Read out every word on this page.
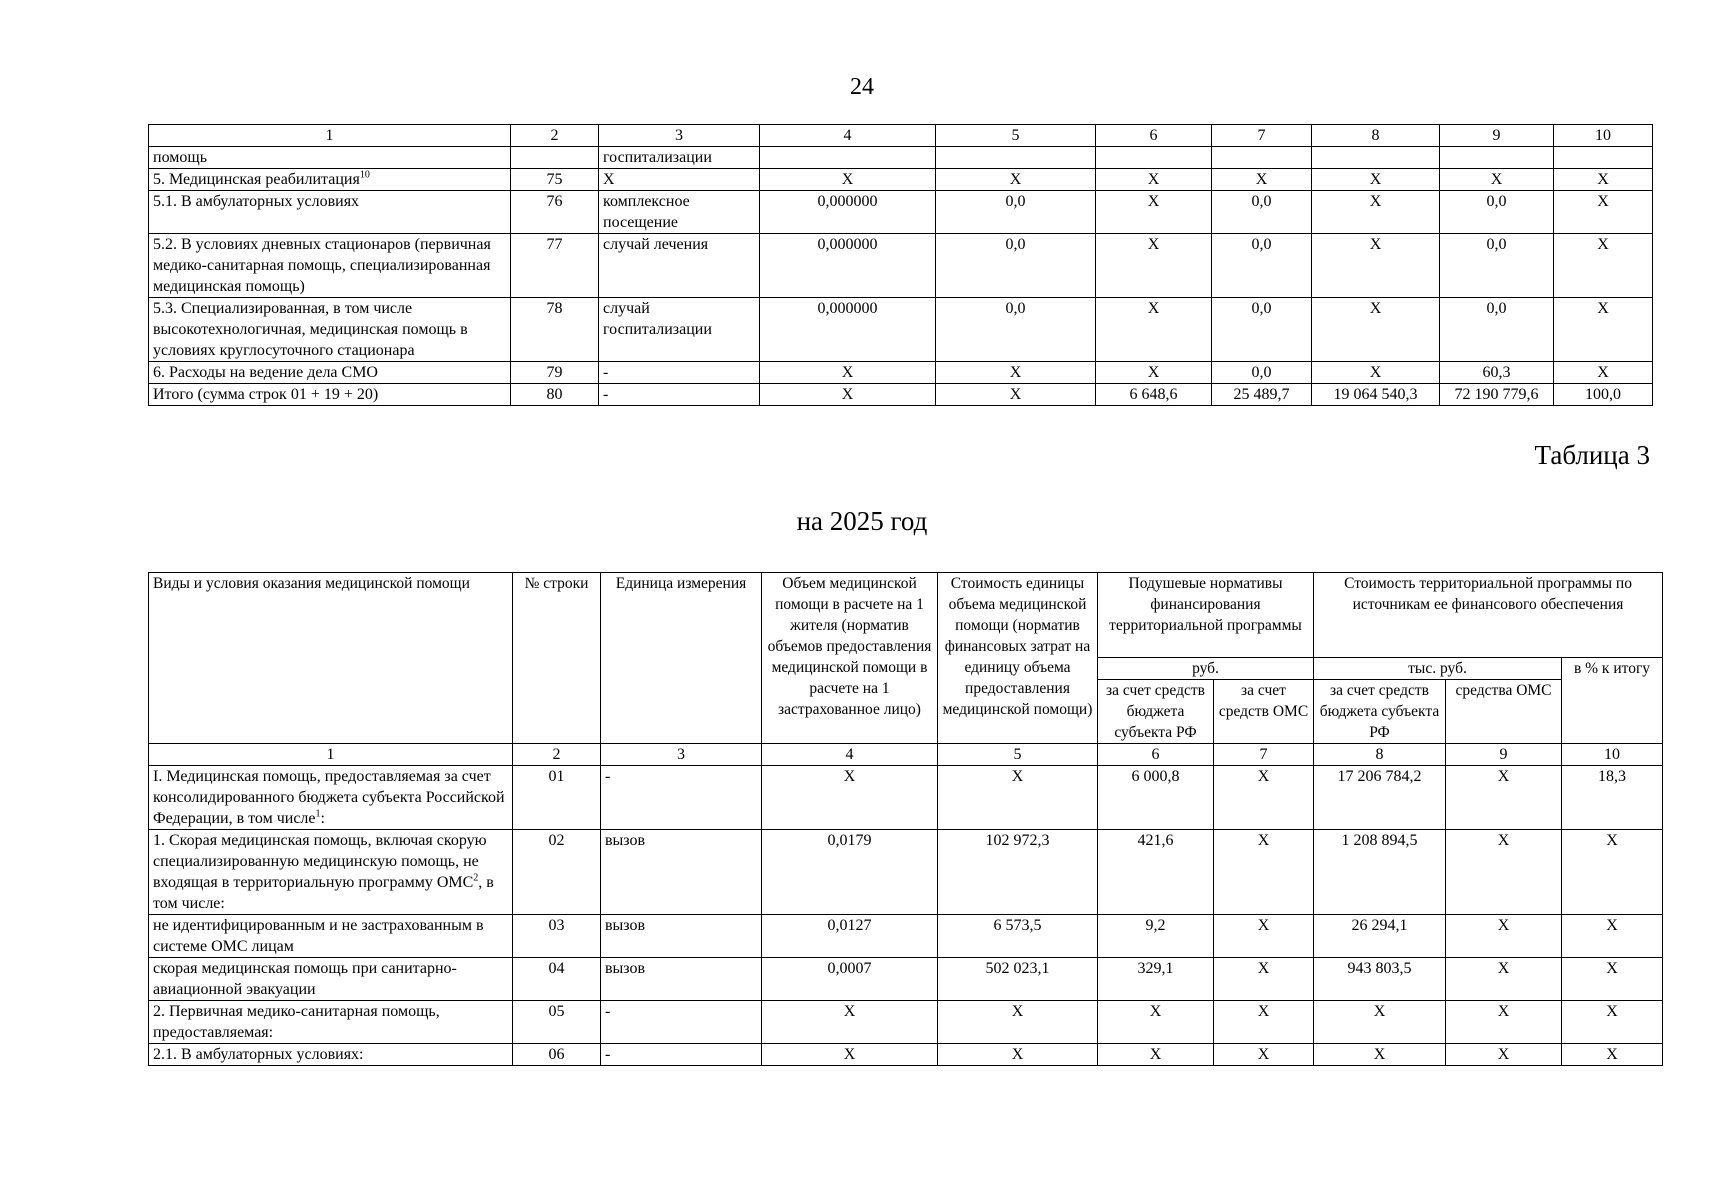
24
1	2	3	4	5	6	7	8	9	10
помощь		госпитализации							
5. Медицинская реабилитация$^{10}$	75	X	X	X	X	X	X	X	X
5.1. В амбулаторных условиях	76	комплексное посещение	0,000000	0,0	X	0,0	X	0,0	X
5.2. В условиях дневных стационаров (первичная медико-санитарная помощь, специализированная медицинская помощь)	77	случай лечения	0,000000	0,0	X	0,0	X	0,0	X
5.3. Специализированная, в том числе высокотехнологичная, медицинская помощь в условиях круглосуточного стационара	78	случай госпитализации	0,000000	0,0	X	0,0	X	0,0	X
6. Расходы на ведение дела СМО	79	-	X	X	X	0,0	X	60,3	X
Итого (сумма строк 01 + 19 + 20)	80	-	X	X	6 648,6	25 489,7	19 064 540,3	72 190 779,6	100,0
Таблица 3
на 2025 год
Виды и условия оказания медицинской помощи	№ строки	Единица измерения	Объем медицинской помощи в расчете на 1 жителя (норматив объемов предоставления медицинской помощи в расчете на 1 застрахованное лицо)	Стоимость единицы объема медицинской помощи (норматив финансовых затрат на единицу объема предоставления медицинской помощи)	Подушевые нормативы финансирования территориальной программы		Стоимость территориальной программы по источникам ее финансового обеспечения		
					руб.		тыс. руб.		в % к итогу
					за счет средств бюджета субъекта РФ	за счет средств ОМС	за счет средств бюджета субъекта РФ	средства ОМС	
1	2	3	4	5	6	7	8	9	10
I. Медицинская помощь, предоставляемая за счет консолидированного бюджета субъекта Российской Федерации, в том числе$^1$:	01	-	X	X	6 000,8	X	17 206 784,2	X	18,3
1. Скорая медицинская помощь, включая скорую специализированную медицинскую помощь, не входящая в территориальную программу ОМС$^2$, в том числе:	02	вызов	0,0179	102 972,3	421,6	X	1 208 894,5	X	X
не идентифицированным и не застрахованным в системе ОМС лицам	03	вызов	0,0127	6 573,5	9,2	X	26 294,1	X	X
скорая медицинская помощь при санитарно-авиационной эвакуации	04	вызов	0,0007	502 023,1	329,1	X	943 803,5	X	X
2. Первичная медико-санитарная помощь, предоставляемая:	05	-	X	X	X	X	X	X	X
2.1. В амбулаторных условиях:	06	-	X	X	X	X	X	X	X
